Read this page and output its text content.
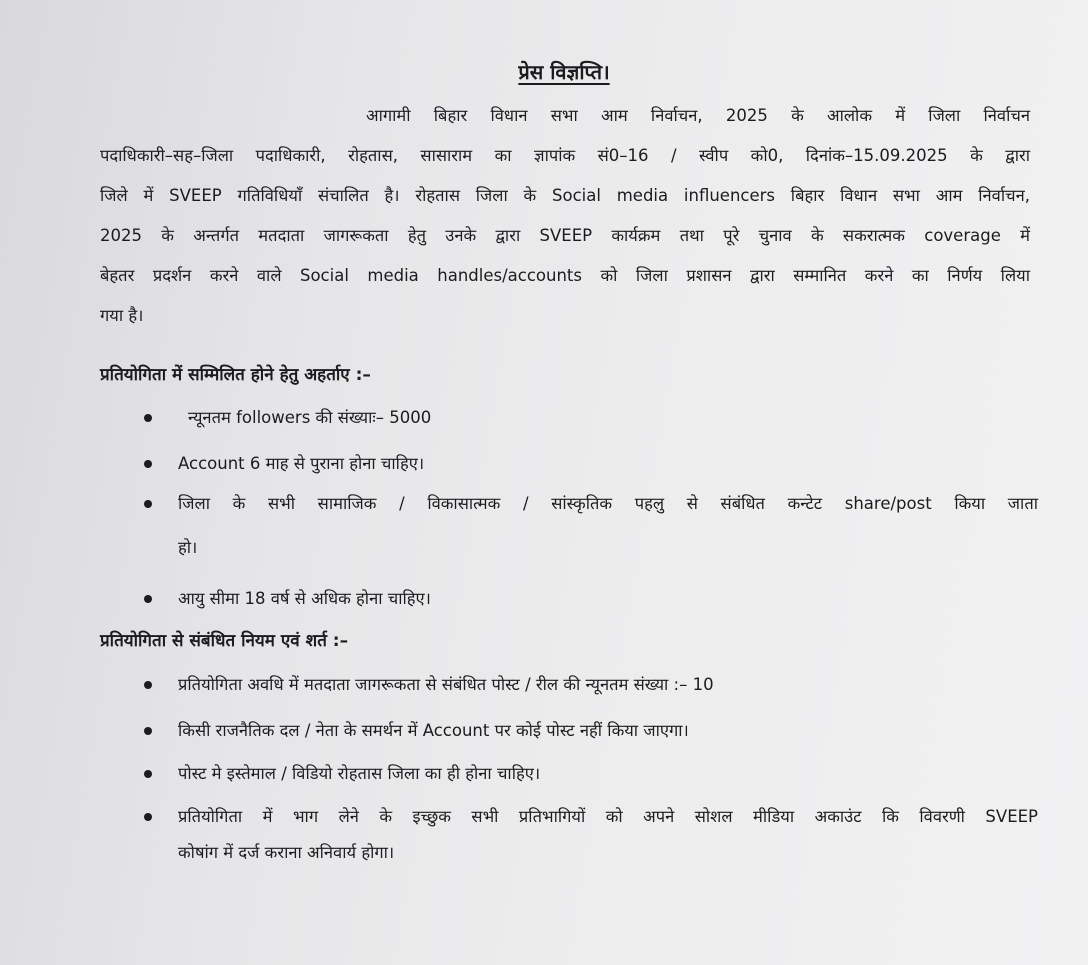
प्रेस विज्ञप्ति।
आगामी बिहार विधान सभा आम निर्वाचन, 2025 के आलोक में जिला निर्वाचन
पदाधिकारी–सह–जिला पदाधिकारी, रोहतास, सासाराम का ज्ञापांक सं0–16 / स्वीप को0, दिनांक–15.09.2025 के द्वारा
जिले में SVEEP गतिविधियाँ संचालित है। रोहतास जिला के Social media influencers बिहार विधान सभा आम निर्वाचन,
2025 के अन्तर्गत मतदाता जागरूकता हेतु उनके द्वारा SVEEP कार्यक्रम तथा पूरे चुनाव के सकरात्मक coverage में
बेहतर प्रदर्शन करने वाले Social media handles/accounts को जिला प्रशासन द्वारा सम्मानित करने का निर्णय लिया
गया है।
प्रतियोगिता में सम्मिलित होने हेतु अहर्ताए :–
न्यूनतम followers की संख्याः– 5000
Account 6 माह से पुराना होना चाहिए।
जिला के सभी सामाजिक / विकासात्मक / सांस्कृतिक पहलु से संबंधित कन्टेट share/post किया जाता
हो।
आयु सीमा 18 वर्ष से अधिक होना चाहिए।
प्रतियोगिता से संबंधित नियम एवं शर्त :–
प्रतियोगिता अवधि में मतदाता जागरूकता से संबंधित पोस्ट / रील की न्यूनतम संख्या :– 10
किसी राजनैतिक दल / नेता के समर्थन में Account पर कोई पोस्ट नहीं किया जाएगा।
पोस्ट मे इस्तेमाल / विडियो रोहतास जिला का ही होना चाहिए।
प्रतियोगिता में भाग लेने के इच्छुक सभी प्रतिभागियों को अपने सोशल मीडिया अकाउंट कि विवरणी SVEEP
कोषांग में दर्ज कराना अनिवार्य होगा।
